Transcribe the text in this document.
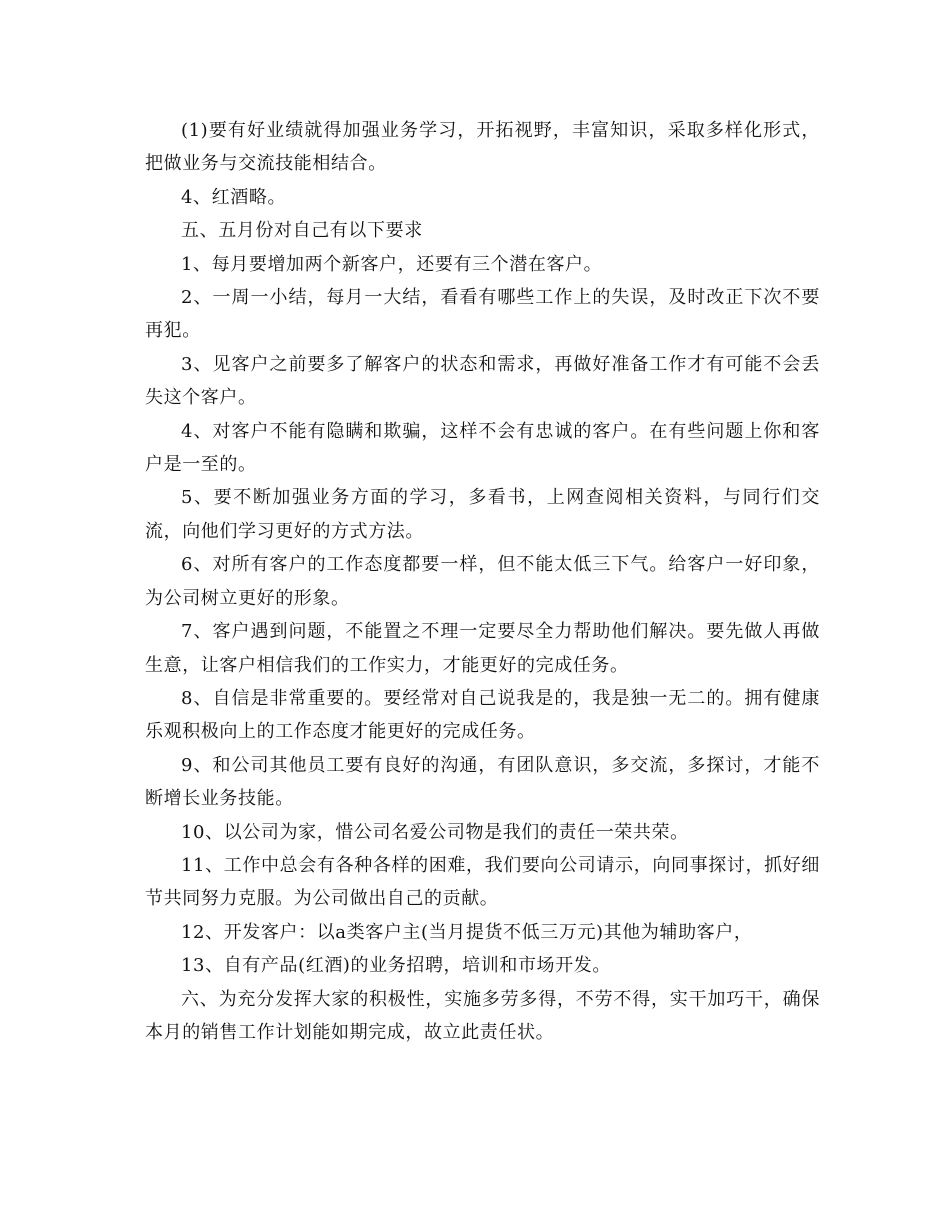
(1)要有好业绩就得加强业务学习，开拓视野，丰富知识，采取多样化形式，把做业务与交流技能相结合。

4、红酒略。

五、五月份对自己有以下要求

1、每月要增加两个新客户，还要有三个潜在客户。

2、一周一小结，每月一大结，看看有哪些工作上的失误，及时改正下次不要再犯。

3、见客户之前要多了解客户的状态和需求，再做好准备工作才有可能不会丢失这个客户。

4、对客户不能有隐瞒和欺骗，这样不会有忠诚的客户。在有些问题上你和客户是一至的。

5、要不断加强业务方面的学习，多看书，上网查阅相关资料，与同行们交流，向他们学习更好的方式方法。

6、对所有客户的工作态度都要一样，但不能太低三下气。给客户一好印象，为公司树立更好的形象。

7、客户遇到问题，不能置之不理一定要尽全力帮助他们解决。要先做人再做生意，让客户相信我们的工作实力，才能更好的完成任务。

8、自信是非常重要的。要经常对自己说我是的，我是独一无二的。拥有健康乐观积极向上的工作态度才能更好的完成任务。

9、和公司其他员工要有良好的沟通，有团队意识，多交流，多探讨，才能不断增长业务技能。

10、以公司为家，惜公司名爱公司物是我们的责任一荣共荣。

11、工作中总会有各种各样的困难，我们要向公司请示，向同事探讨，抓好细节共同努力克服。为公司做出自己的贡献。

12、开发客户：以a类客户主(当月提货不低三万元)其他为辅助客户，

13、自有产品(红酒)的业务招聘，培训和市场开发。

六、为充分发挥大家的积极性，实施多劳多得，不劳不得，实干加巧干，确保本月的销售工作计划能如期完成，故立此责任状。
